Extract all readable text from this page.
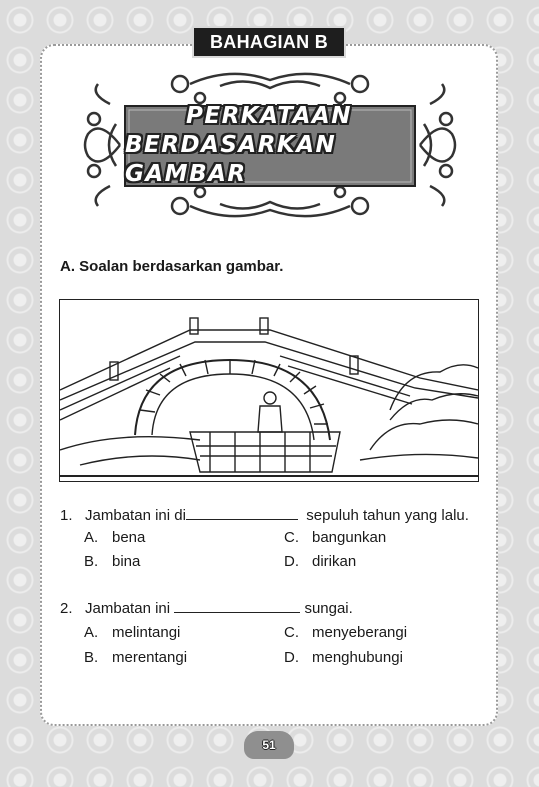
BAHAGIAN B
PERKATAAN
BERDASARKAN GAMBAR
A. Soalan berdasarkan gambar.
1. Jambatan ini di	sepuluh tahun yang lalu.
A. bena
B. bina
C. bangunkan
D. dirikan
2. Jambatan ini	sungai.
A. melintangi
B. merentangi
C. menyeberangi
D. menghubungi
51
